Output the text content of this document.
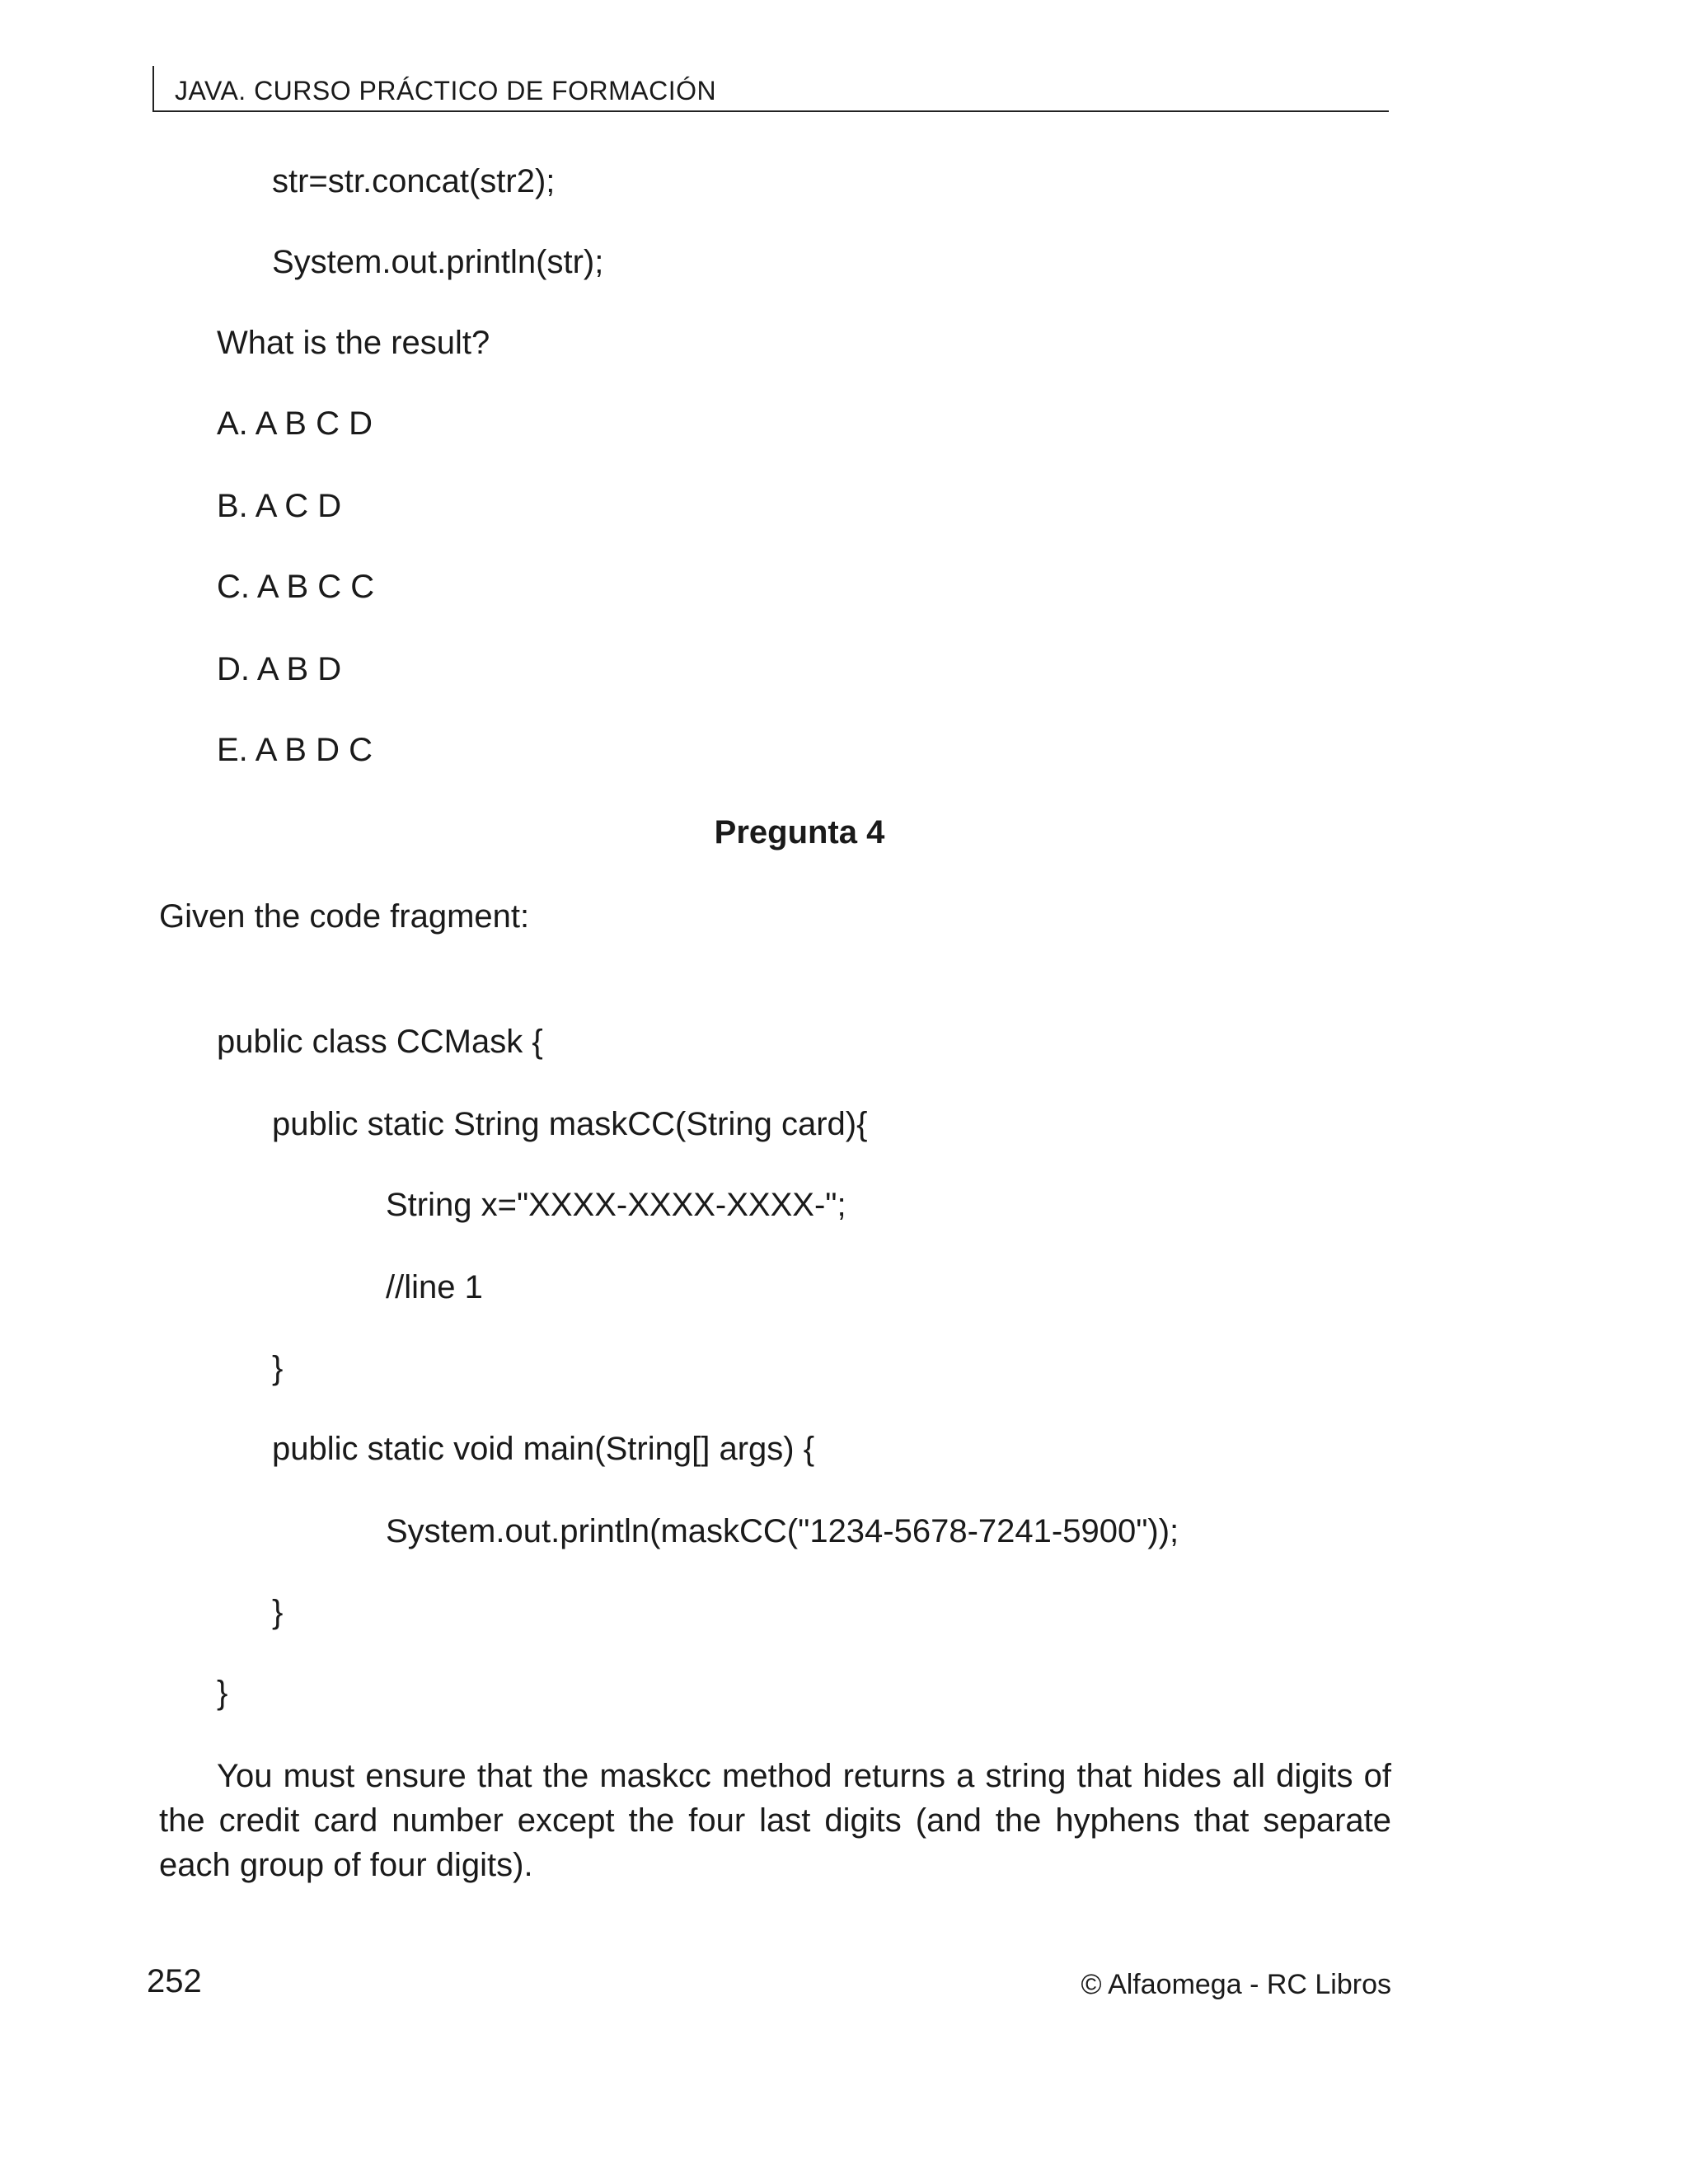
JAVA. CURSO PRÁCTICO DE FORMACIÓN
str=str.concat(str2);
System.out.println(str);
What is the result?
A. A B C D
B. A C D
C. A B C C
D. A B D
E. A B D C
Pregunta 4
Given the code fragment:
public class CCMask {
public static String maskCC(String card){
String x="XXXX-XXXX-XXXX-";
//line 1
}
public static void main(String[] args) {
System.out.println(maskCC("1234-5678-7241-5900"));
}
}
You must ensure that the maskcc method returns a string that hides all digits of the credit card number except the four last digits (and the hyphens that separate each group of four digits).
252	© Alfaomega - RC Libros
